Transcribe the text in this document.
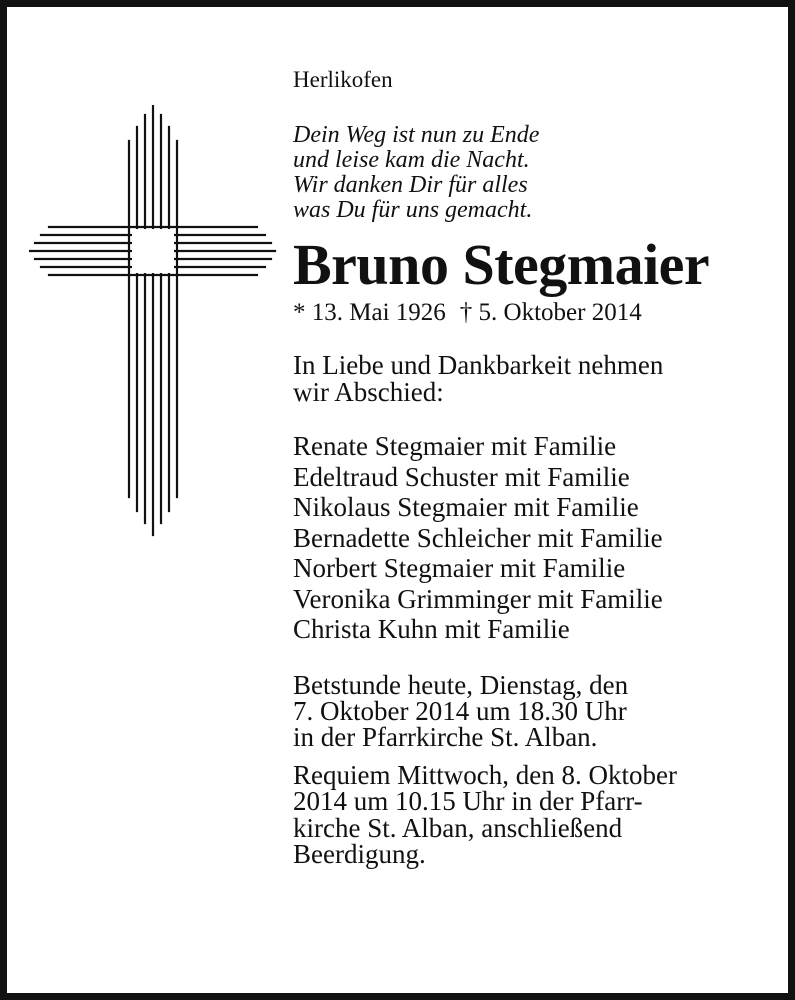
Herlikofen

Dein Weg ist nun zu Ende
und leise kam die Nacht.
Wir danken Dir für alles
was Du für uns gemacht.
Bruno Stegmaier
* 13. Mai 1926 † 5. Oktober 2014
In Liebe und Dankbarkeit nehmen
wir Abschied:
Renate Stegmaier mit Familie
Edeltraud Schuster mit Familie
Nikolaus Stegmaier mit Familie
Bernadette Schleicher mit Familie
Norbert Stegmaier mit Familie
Veronika Grimminger mit Familie
Christa Kuhn mit Familie
Betstunde heute, Dienstag, den
7. Oktober 2014 um 18.30 Uhr
in der Pfarrkirche St. Alban.
Requiem Mittwoch, den 8. Oktober
2014 um 10.15 Uhr in der Pfarr-
kirche St. Alban, anschließend
Beerdigung.
